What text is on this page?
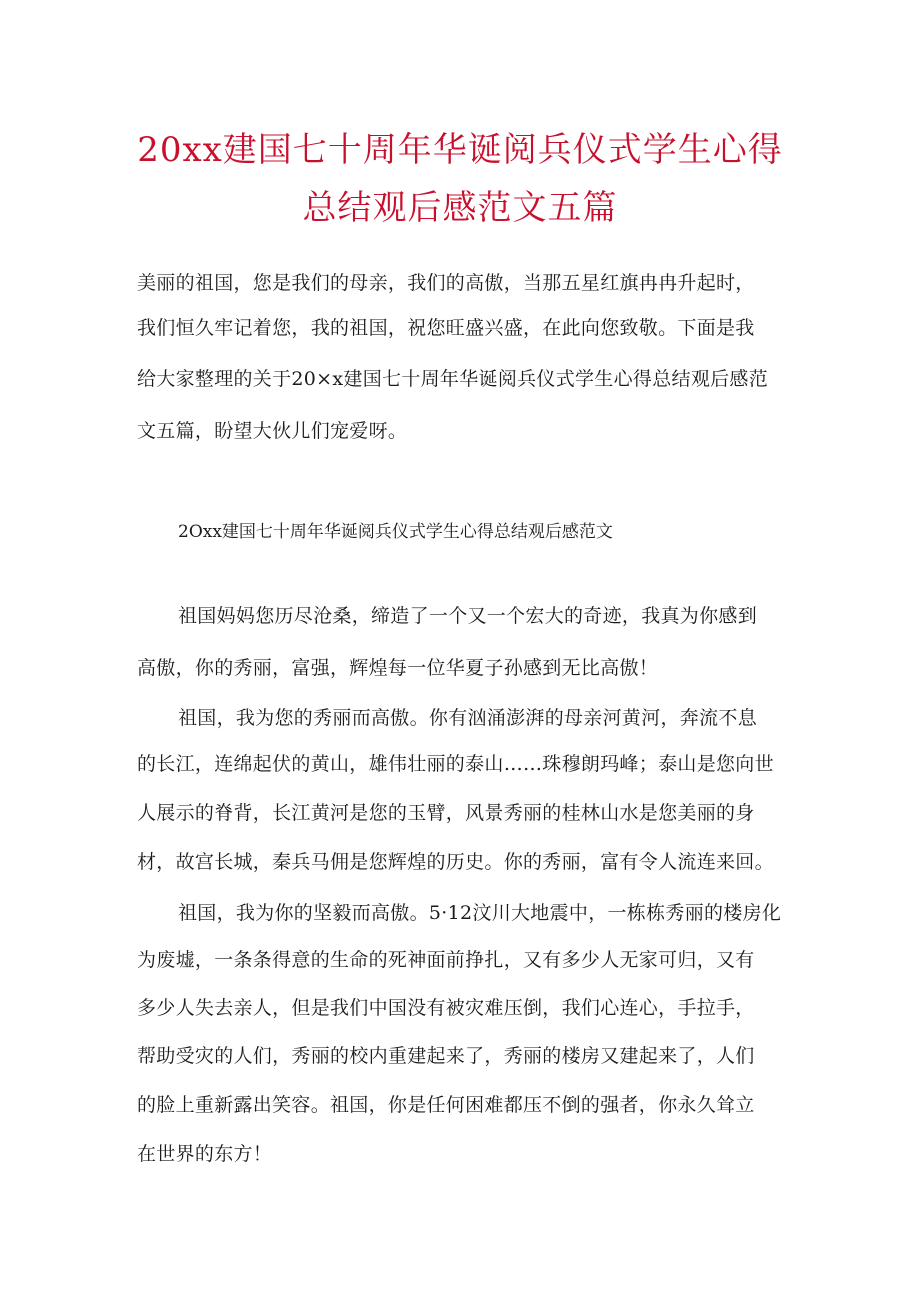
20xx建国七十周年华诞阅兵仪式学生心得
总结观后感范文五篇
美丽的祖国，您是我们的母亲，我们的高傲，当那五星红旗冉冉升起时，
我们恒久牢记着您，我的祖国，祝您旺盛兴盛，在此向您致敬。下面是我
给大家整理的关于20×x建国七十周年华诞阅兵仪式学生心得总结观后感范
文五篇，盼望大伙儿们宠爱呀。
2Oxx建国七十周年华诞阅兵仪式学生心得总结观后感范文
祖国妈妈您历尽沧桑，缔造了一个又一个宏大的奇迹，我真为你感到
高傲，你的秀丽，富强，辉煌每一位华夏子孙感到无比高傲！
祖国，我为您的秀丽而高傲。你有汹涌澎湃的母亲河黄河，奔流不息
的长江，连绵起伏的黄山，雄伟壮丽的泰山……珠穆朗玛峰；泰山是您向世
人展示的脊背，长江黄河是您的玉臂，风景秀丽的桂林山水是您美丽的身
材，故宫长城，秦兵马佣是您辉煌的历史。你的秀丽，富有令人流连来回。
祖国，我为你的坚毅而高傲。5·12汶川大地震中，一栋栋秀丽的楼房化
为废墟，一条条得意的生命的死神面前挣扎，又有多少人无家可归，又有
多少人失去亲人，但是我们中国没有被灾难压倒，我们心连心，手拉手，
帮助受灾的人们，秀丽的校内重建起来了，秀丽的楼房又建起来了，人们
的脸上重新露出笑容。祖国，你是任何困难都压不倒的强者，你永久耸立
在世界的东方！
